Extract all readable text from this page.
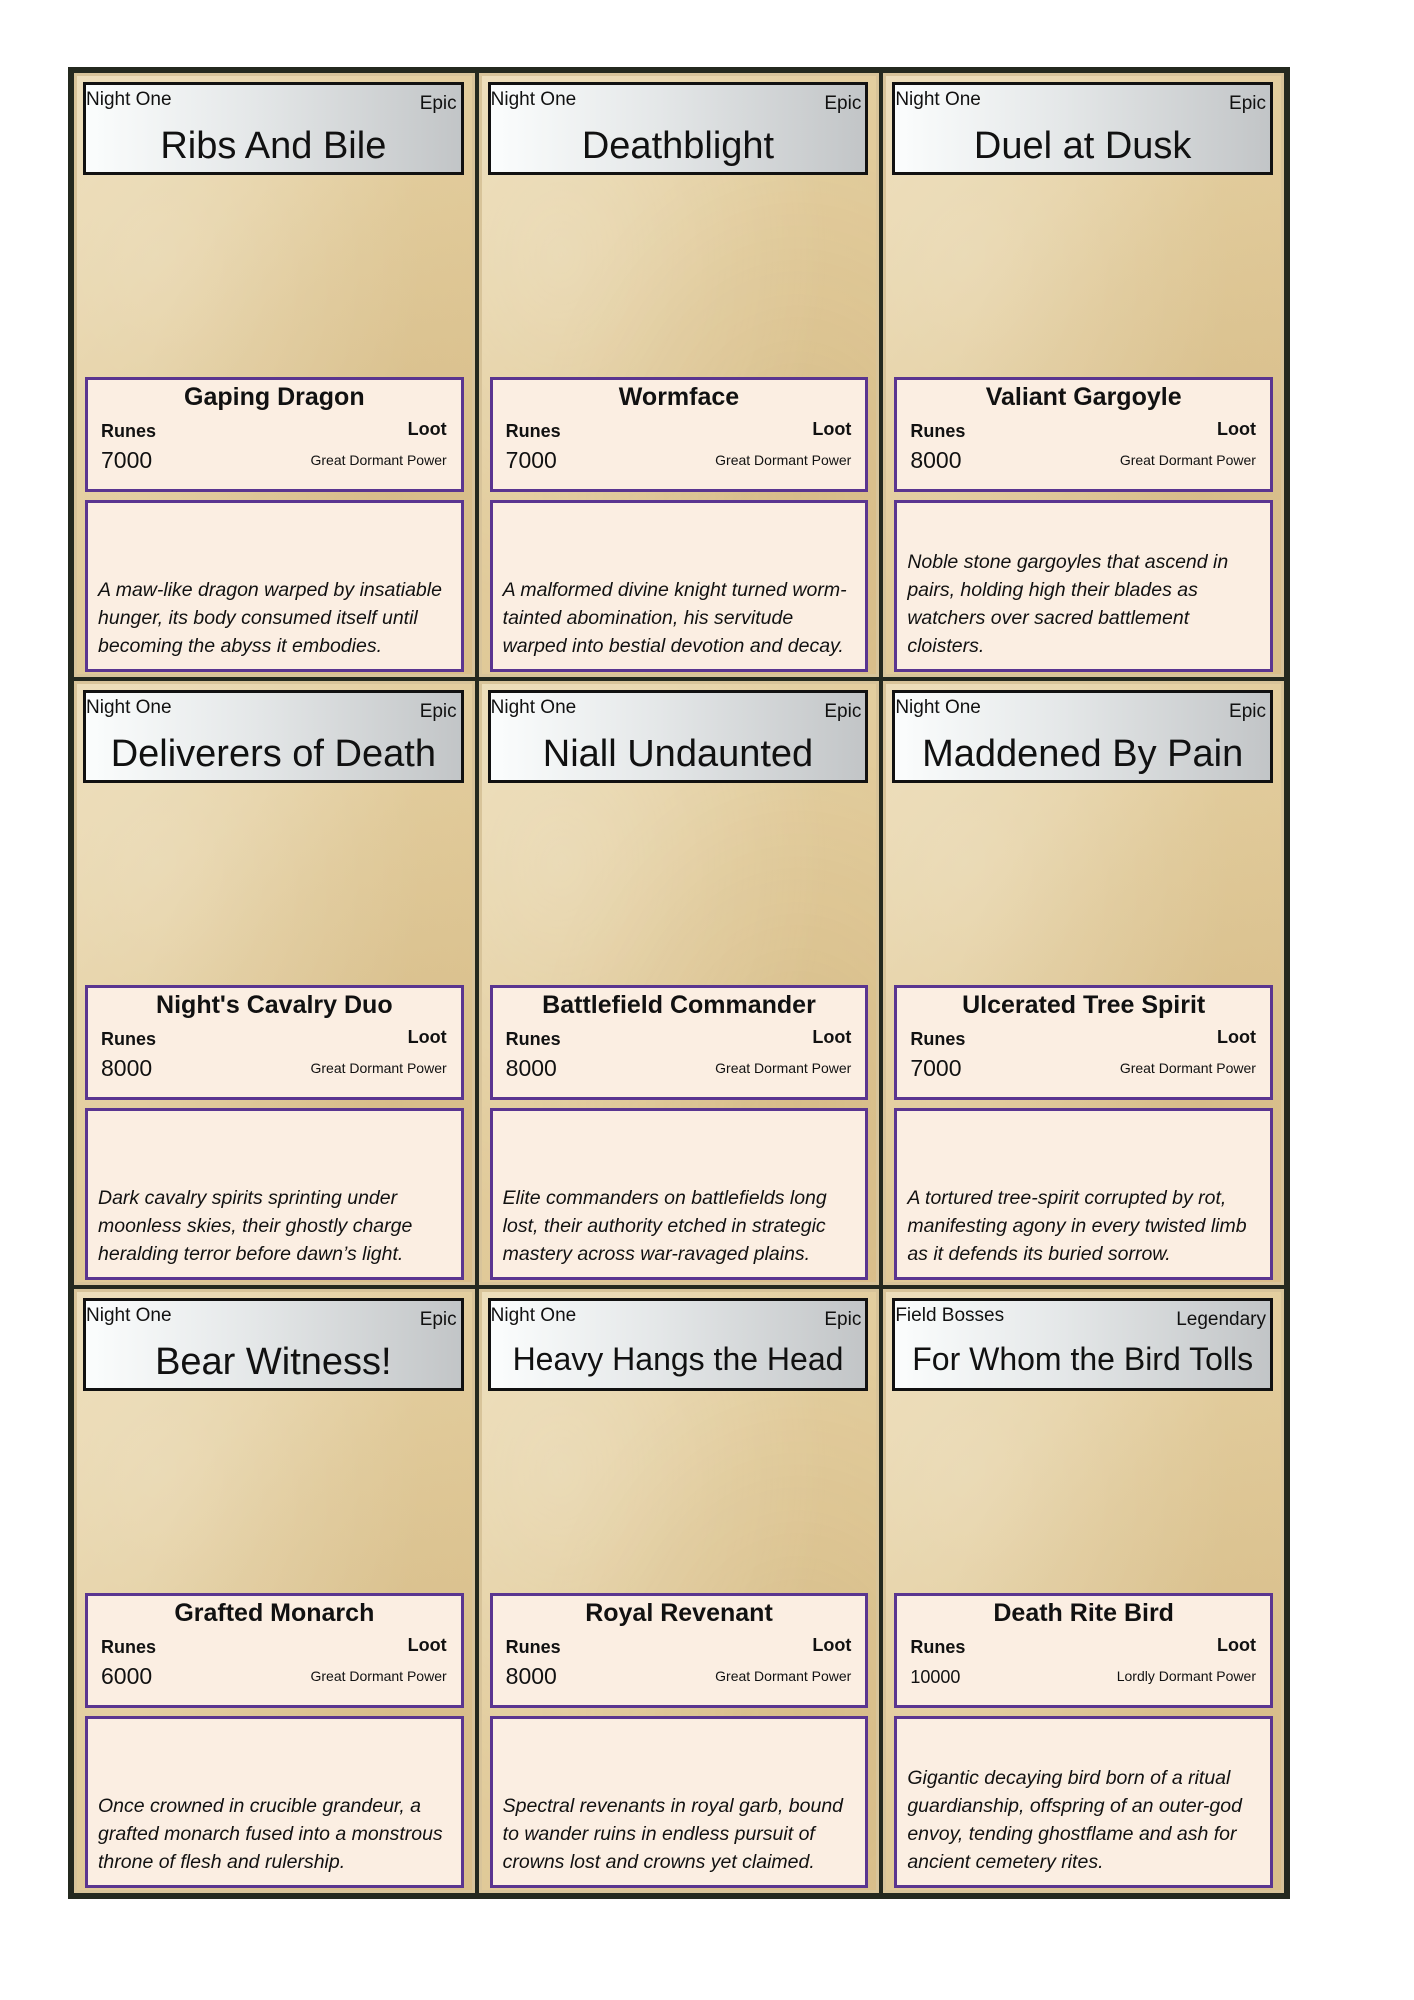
Night One	Epic
Ribs And Bile
Gaping Dragon
Runes	Loot
7000	Great Dormant Power
A maw-like dragon warped by insatiable hunger, its body consumed itself until becoming the abyss it embodies.
Night One	Epic
Deathblight
Wormface
Runes	Loot
7000	Great Dormant Power
A malformed divine knight turned worm-tainted abomination, his servitude warped into bestial devotion and decay.
Night One	Epic
Duel at Dusk
Valiant Gargoyle
Runes	Loot
8000	Great Dormant Power
Noble stone gargoyles that ascend in pairs, holding high their blades as watchers over sacred battlement cloisters.
Night One	Epic
Deliverers of Death
Night's Cavalry Duo
Runes	Loot
8000	Great Dormant Power
Dark cavalry spirits sprinting under moonless skies, their ghostly charge heralding terror before dawn’s light.
Night One	Epic
Niall Undaunted
Battlefield Commander
Runes	Loot
8000	Great Dormant Power
Elite commanders on battlefields long lost, their authority etched in strategic mastery across war-ravaged plains.
Night One	Epic
Maddened By Pain
Ulcerated Tree Spirit
Runes	Loot
7000	Great Dormant Power
A tortured tree-spirit corrupted by rot, manifesting agony in every twisted limb as it defends its buried sorrow.
Night One	Epic
Bear Witness!
Grafted Monarch
Runes	Loot
6000	Great Dormant Power
Once crowned in crucible grandeur, a grafted monarch fused into a monstrous throne of flesh and rulership.
Night One	Epic
Heavy Hangs the Head
Royal Revenant
Runes	Loot
8000	Great Dormant Power
Spectral revenants in royal garb, bound to wander ruins in endless pursuit of crowns lost and crowns yet claimed.
Field Bosses	Legendary
For Whom the Bird Tolls
Death Rite Bird
Runes	Loot
10000	Lordly Dormant Power
Gigantic decaying bird born of a ritual guardianship, offspring of an outer-god envoy, tending ghostflame and ash for ancient cemetery rites.
